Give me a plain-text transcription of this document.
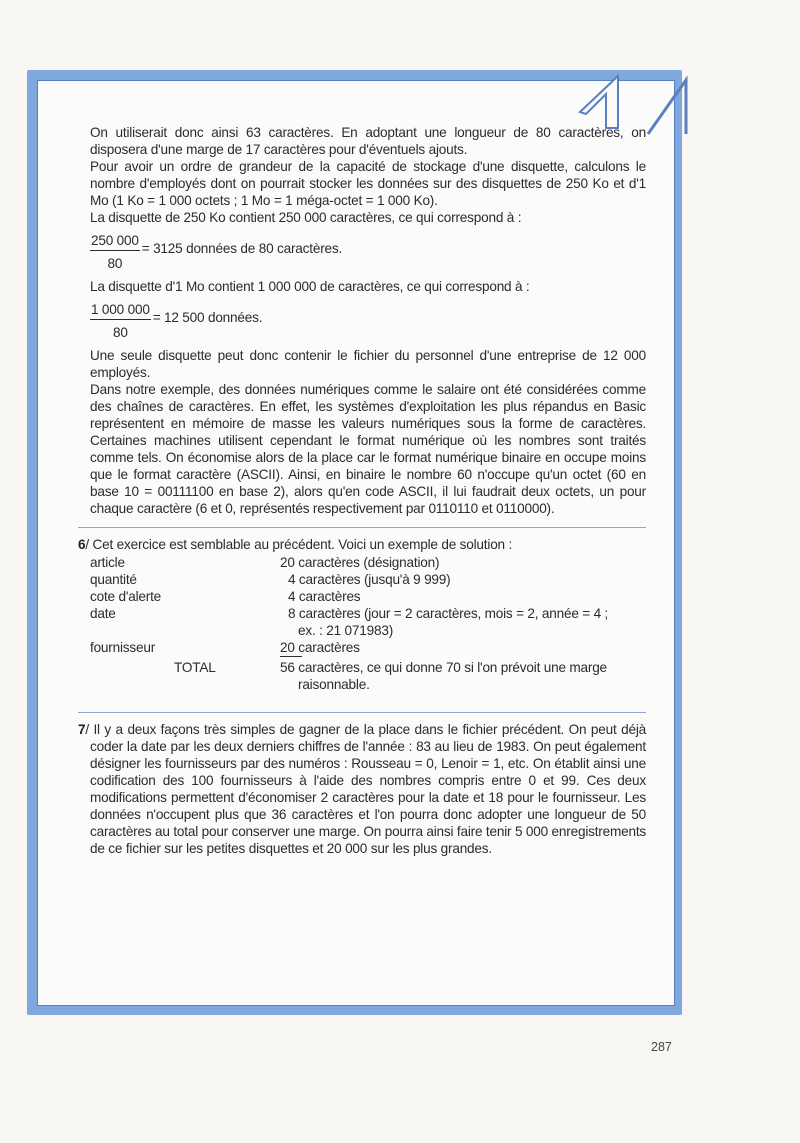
On utiliserait donc ainsi 63 caractères. En adoptant une longueur de 80 caractères, on disposera d'une marge de 17 caractères pour d'éventuels ajouts.

Pour avoir un ordre de grandeur de la capacité de stockage d'une disquette, calculons le nombre d'employés dont on pourrait stocker les données sur des disquettes de 250 Ko et d'1 Mo (1 Ko = 1 000 octets ; 1 Mo = 1 méga-octet = 1 000 Ko).

La disquette de 250 Ko contient 250 000 caractères, ce qui correspond à :

$\frac{250 000}{80} = 3125$ données de 80 caractères.

La disquette d'1 Mo contient 1 000 000 de caractères, ce qui correspond à :

$\frac{1 000 000}{80} = 12$ 500 données.

Une seule disquette peut donc contenir le fichier du personnel d'une entreprise de 12 000 employés.

Dans notre exemple, des données numériques comme le salaire ont été considérées comme des chaînes de caractères. En effet, les systèmes d'exploitation les plus répandus en Basic représentent en mémoire de masse les valeurs numériques sous la forme de caractères. Certaines machines utilisent cependant le format numérique où les nombres sont traités comme tels. On économise alors de la place car le format numérique binaire en occupe moins que le format caractère (ASCII). Ainsi, en binaire le nombre 60 n'occupe qu'un octet (60 en base 10 = 00111100 en base 2), alors qu'en code ASCII, il lui faudrait deux octets, un pour chaque caractère (6 et 0, représentés respectivement par 0110110 et 0110000).

6/ Cet exercice est semblable au précédent. Voici un exemple de solution :

article	20 caractères (désignation)
quantité	4 caractères (jusqu'à 9 999)
cote d'alerte	4 caractères
date	8 caractères (jour = 2 caractères, mois = 2, année = 4 ;
ex. : 21 071983)
fournisseur	20 caractères
TOTAL	56 caractères, ce qui donne 70 si l'on prévoit une marge
raisonnable.

7/ Il y a deux façons très simples de gagner de la place dans le fichier précédent. On peut déjà coder la date par les deux derniers chiffres de l'année : 83 au lieu de 1983. On peut également désigner les fournisseurs par des numéros : Rousseau = 0, Lenoir = 1, etc. On établit ainsi une codification des 100 fournisseurs à l'aide des nombres compris entre 0 et 99. Ces deux modifications permettent d'économiser 2 caractères pour la date et 18 pour le fournisseur. Les données n'occupent plus que 36 caractères et l'on pourra donc adopter une longueur de 50 caractères au total pour conserver une marge. On pourra ainsi faire tenir 5 000 enregistrements de ce fichier sur les petites disquettes et 20 000 sur les plus grandes.

287
